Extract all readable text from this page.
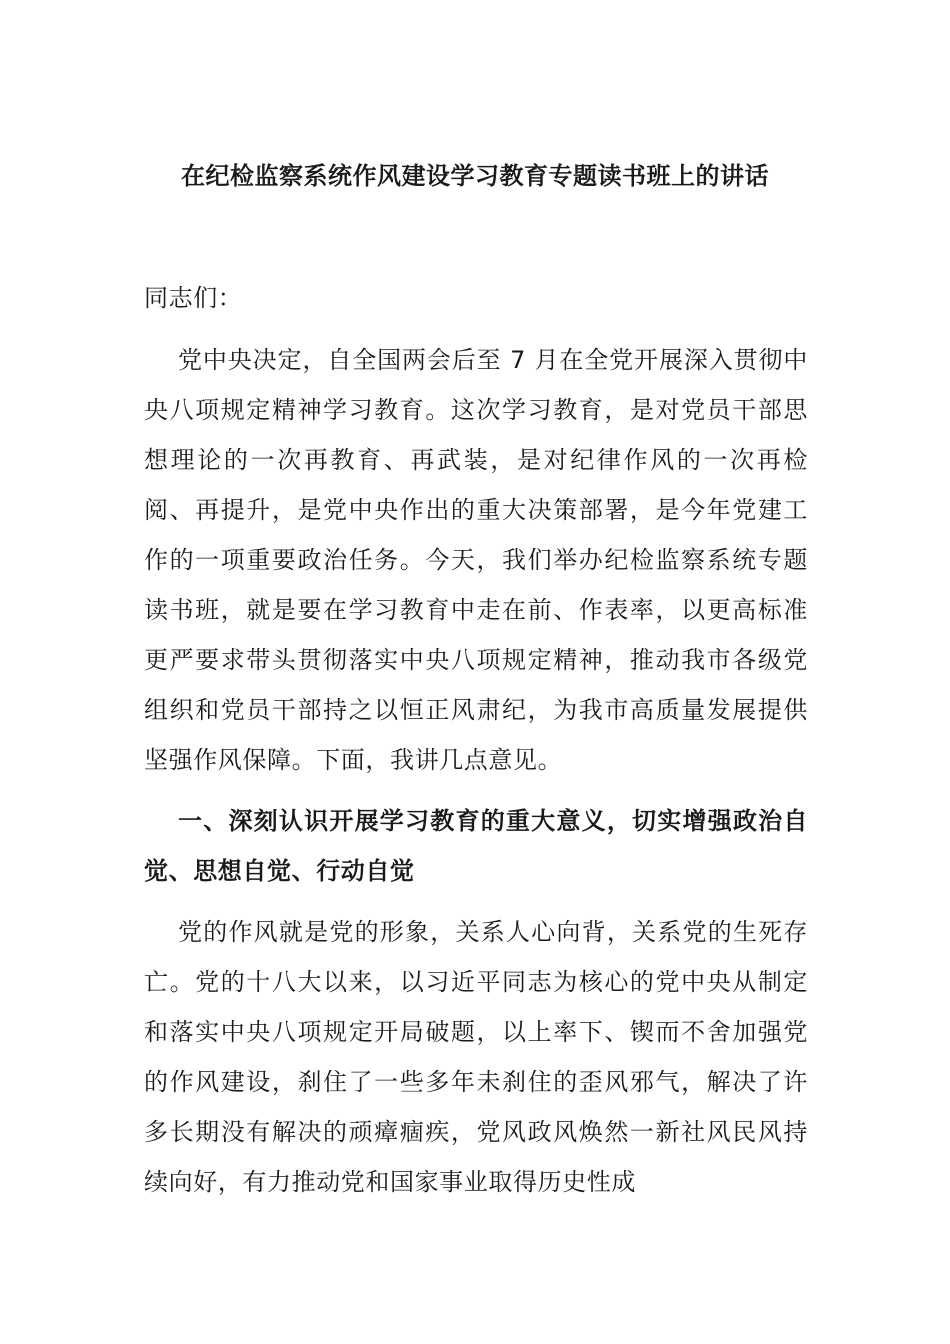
在纪检监察系统作风建设学习教育专题读书班上的讲话

同志们：

党中央决定，自全国两会后至 7 月在全党开展深入贯彻中央八项规定精神学习教育。这次学习教育，是对党员干部思想理论的一次再教育、再武装，是对纪律作风的一次再检阅、再提升，是党中央作出的重大决策部署，是今年党建工作的一项重要政治任务。今天，我们举办纪检监察系统专题读书班，就是要在学习教育中走在前、作表率，以更高标准更严要求带头贯彻落实中央八项规定精神，推动我市各级党组织和党员干部持之以恒正风肃纪，为我市高质量发展提供坚强作风保障。下面，我讲几点意见。

一、深刻认识开展学习教育的重大意义，切实增强政治自觉、思想自觉、行动自觉

党的作风就是党的形象，关系人心向背，关系党的生死存亡。党的十八大以来，以习近平同志为核心的党中央从制定和落实中央八项规定开局破题，以上率下、锲而不舍加强党的作风建设，刹住了一些多年未刹住的歪风邪气，解决了许多长期没有解决的顽瘴痼疾，党风政风焕然一新社风民风持续向好，有力推动党和国家事业取得历史性成
